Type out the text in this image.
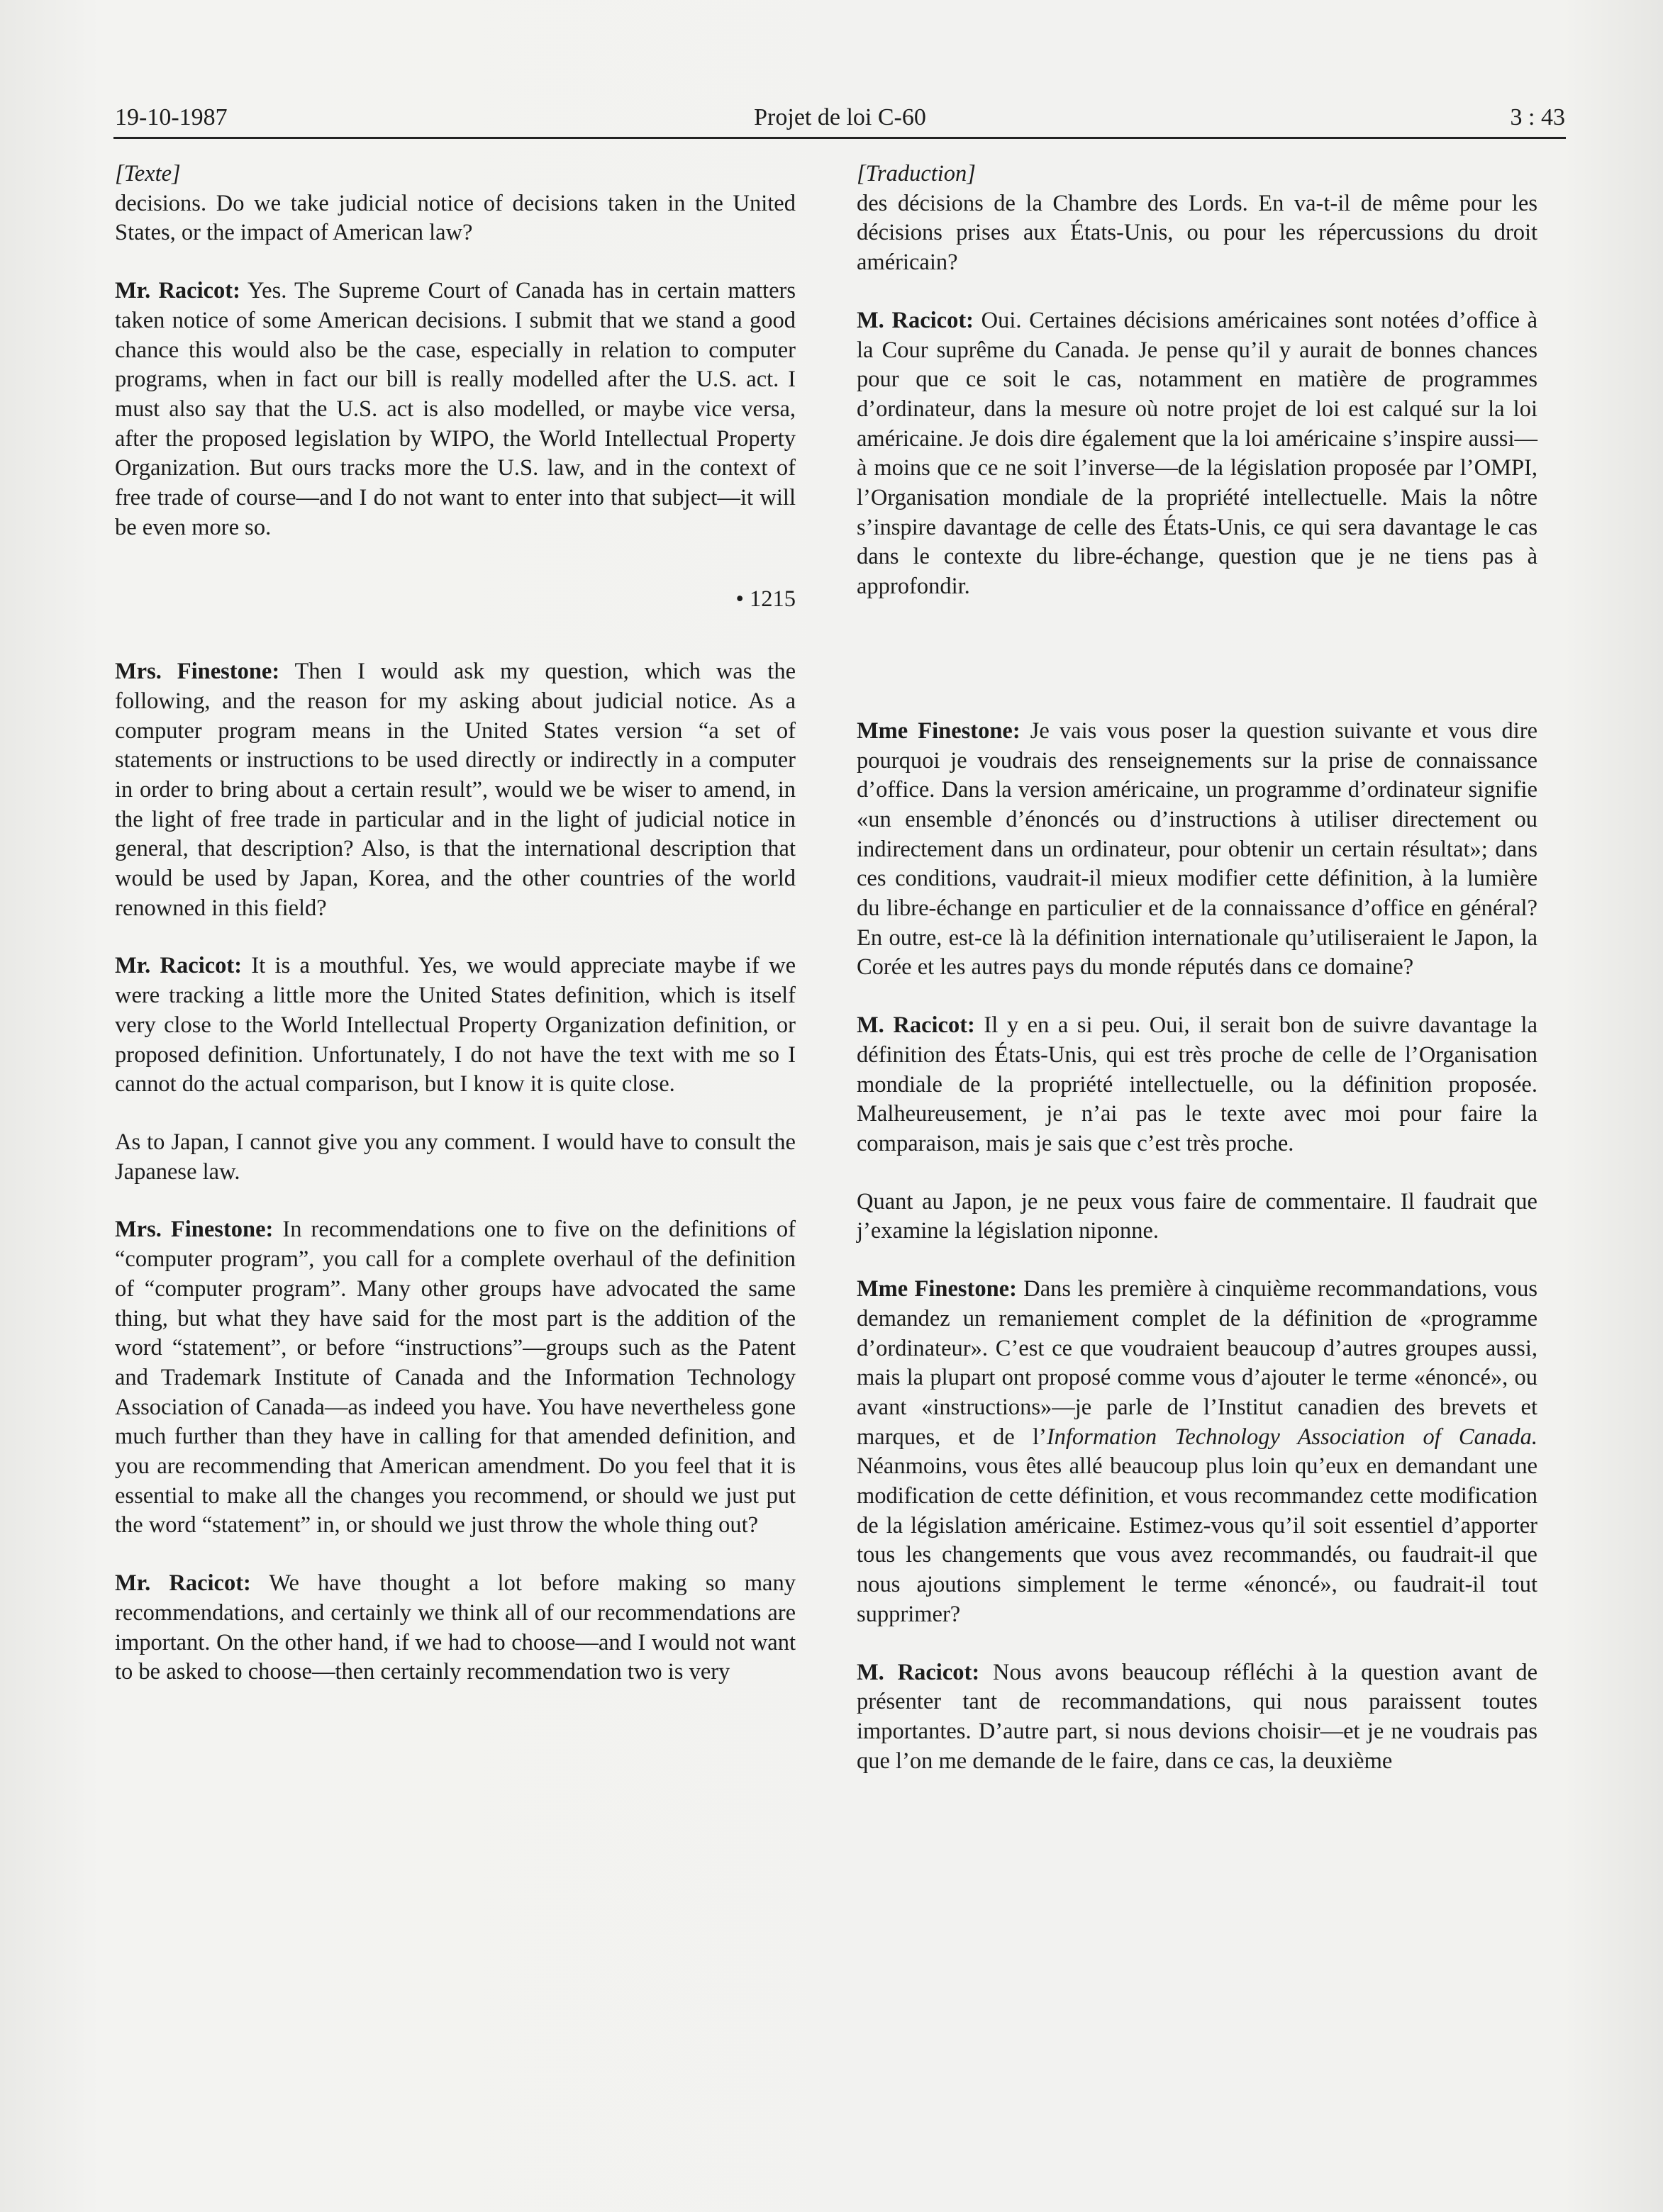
19-10-1987	Projet de loi C-60	3 : 43

[Texte]

decisions. Do we take judicial notice of decisions taken in the United States, or the impact of American law?

Mr. Racicot: Yes. The Supreme Court of Canada has in certain matters taken notice of some American decisions. I submit that we stand a good chance this would also be the case, especially in relation to computer programs, when in fact our bill is really modelled after the U.S. act. I must also say that the U.S. act is also modelled, or maybe vice versa, after the proposed legislation by WIPO, the World Intellectual Property Organization. But ours tracks more the U.S. law, and in the context of free trade of course—and I do not want to enter into that subject—it will be even more so.

• 1215

Mrs. Finestone: Then I would ask my question, which was the following, and the reason for my asking about judicial notice. As a computer program means in the United States version “a set of statements or instructions to be used directly or indirectly in a computer in order to bring about a certain result”, would we be wiser to amend, in the light of free trade in particular and in the light of judicial notice in general, that description? Also, is that the international description that would be used by Japan, Korea, and the other countries of the world renowned in this field?

Mr. Racicot: It is a mouthful. Yes, we would appreciate maybe if we were tracking a little more the United States definition, which is itself very close to the World Intellectual Property Organization definition, or proposed definition. Unfortunately, I do not have the text with me so I cannot do the actual comparison, but I know it is quite close.

As to Japan, I cannot give you any comment. I would have to consult the Japanese law.

Mrs. Finestone: In recommendations one to five on the definitions of “computer program”, you call for a complete overhaul of the definition of “computer program”. Many other groups have advocated the same thing, but what they have said for the most part is the addition of the word “statement”, or before “instructions”—groups such as the Patent and Trademark Institute of Canada and the Information Technology Association of Canada—as indeed you have. You have nevertheless gone much further than they have in calling for that amended definition, and you are recommending that American amendment. Do you feel that it is essential to make all the changes you recommend, or should we just put the word “statement” in, or should we just throw the whole thing out?

Mr. Racicot: We have thought a lot before making so many recommendations, and certainly we think all of our recommendations are important. On the other hand, if we had to choose—and I would not want to be asked to choose—then certainly recommendation two is very

[Traduction]

des décisions de la Chambre des Lords. En va-t-il de même pour les décisions prises aux États-Unis, ou pour les répercussions du droit américain?

M. Racicot: Oui. Certaines décisions américaines sont notées d’office à la Cour suprême du Canada. Je pense qu’il y aurait de bonnes chances pour que ce soit le cas, notamment en matière de programmes d’ordinateur, dans la mesure où notre projet de loi est calqué sur la loi américaine. Je dois dire également que la loi américaine s’inspire aussi—à moins que ce ne soit l’inverse—de la législation proposée par l’OMPI, l’Organisation mondiale de la propriété intellectuelle. Mais la nôtre s’inspire davantage de celle des États-Unis, ce qui sera davantage le cas dans le contexte du libre-échange, question que je ne tiens pas à approfondir.

Mme Finestone: Je vais vous poser la question suivante et vous dire pourquoi je voudrais des renseignements sur la prise de connaissance d’office. Dans la version américaine, un programme d’ordinateur signifie «un ensemble d’énoncés ou d’instructions à utiliser directement ou indirectement dans un ordinateur, pour obtenir un certain résultat»; dans ces conditions, vaudrait-il mieux modifier cette définition, à la lumière du libre-échange en particulier et de la connaissance d’office en général? En outre, est-ce là la définition internationale qu’utiliseraient le Japon, la Corée et les autres pays du monde réputés dans ce domaine?

M. Racicot: Il y en a si peu. Oui, il serait bon de suivre davantage la définition des États-Unis, qui est très proche de celle de l’Organisation mondiale de la propriété intellectuelle, ou la définition proposée. Malheureusement, je n’ai pas le texte avec moi pour faire la comparaison, mais je sais que c’est très proche.

Quant au Japon, je ne peux vous faire de commentaire. Il faudrait que j’examine la législation niponne.

Mme Finestone: Dans les première à cinquième recommandations, vous demandez un remaniement complet de la définition de «programme d’ordinateur». C’est ce que voudraient beaucoup d’autres groupes aussi, mais la plupart ont proposé comme vous d’ajouter le terme «énoncé», ou avant «instructions»—je parle de l’Institut canadien des brevets et marques, et de l’Information Technology Association of Canada. Néanmoins, vous êtes allé beaucoup plus loin qu’eux en demandant une modification de cette définition, et vous recommandez cette modification de la législation américaine. Estimez-vous qu’il soit essentiel d’apporter tous les changements que vous avez recommandés, ou faudrait-il que nous ajoutions simplement le terme «énoncé», ou faudrait-il tout supprimer?

M. Racicot: Nous avons beaucoup réfléchi à la question avant de présenter tant de recommandations, qui nous paraissent toutes importantes. D’autre part, si nous devions choisir—et je ne voudrais pas que l’on me demande de le faire, dans ce cas, la deuxième
